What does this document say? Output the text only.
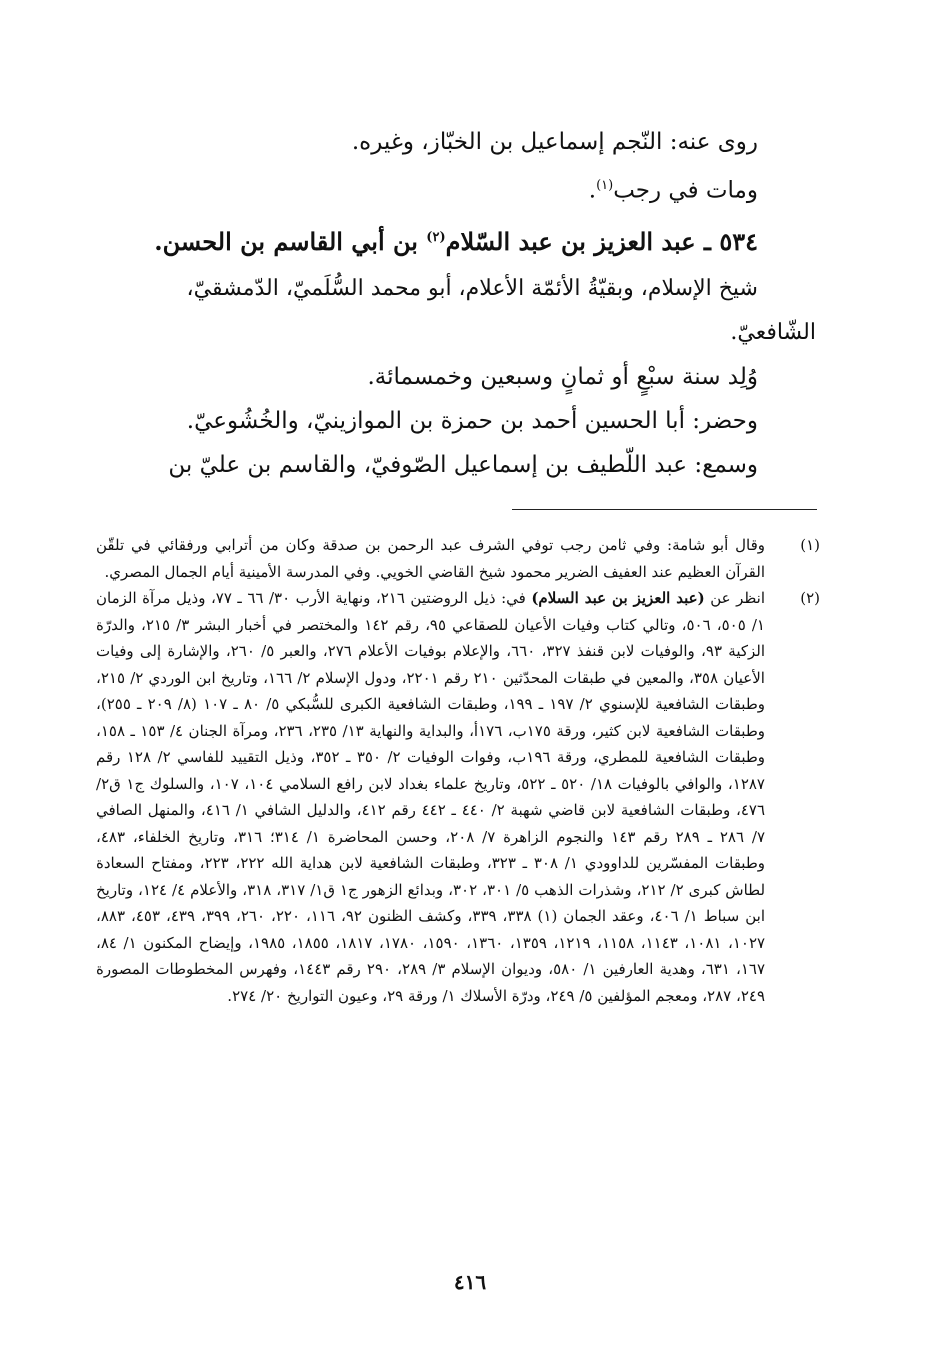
روى عنه: النّجم إسماعيل بن الخبّاز، وغيره.
ومات في رجب$^{(١)}$.
٥٣٤ ـ عبد العزيز بن عبد السّلام$^{(٢)}$ بن أبي القاسم بن الحسن.
شيخ الإسلام، وبقيّةُ الأئمّة الأعلام، أبو محمد السُّلَميّ، الدّمشقيّ،
الشّافعيّ.
وُلِد سنة سبْعٍ أو ثمانٍ وسبعين وخمسمائة.
وحضر: أبا الحسين أحمد بن حمزة بن الموازينيّ، والخُشُوعيّ.
وسمع: عبد اللّطيف بن إسماعيل الصّوفيّ، والقاسم بن عليّ بن
(١)
وقال أبو شامة: وفي ثامن رجب توفي الشرف عبد الرحمن بن صدقة وكان من أترابي ورفقائي في تلقّن القرآن العظيم عند العفيف الضرير محمود شيخ القاضي الخويي. وفي المدرسة الأمينية أيام الجمال المصري.
(٢)
انظر عن (عبد العزيز بن عبد السلام) في: ذيل الروضتين ٢١٦، ونهاية الأرب ٣٠/ ٦٦ ـ ٧٧، وذيل مرآة الزمان ١/ ٥٠٥، ٥٠٦، وتالي كتاب وفيات الأعيان للصقاعي ٩٥، رقم ١٤٢ والمختصر في أخبار البشر ٣/ ٢١٥، والدرّة الزكية ٩٣، والوفيات لابن قنفذ ٣٢٧، ٦٦٠، والإعلام بوفيات الأعلام ٢٧٦، والعبر ٥/ ٢٦٠، والإشارة إلى وفيات الأعيان ٣٥٨، والمعين في طبقات المحدّثين ٢١٠ رقم ٢٢٠١، ودول الإسلام ٢/ ١٦٦، وتاريخ ابن الوردي ٢/ ٢١٥، وطبقات الشافعية للإسنوي ٢/ ١٩٧ ـ ١٩٩، وطبقات الشافعية الكبرى للسُّبكي ٥/ ٨٠ ـ ١٠٧ (٨/ ٢٠٩ ـ ٢٥٥)، وطبقات الشافعية لابن كثير، ورقة ١٧٥ب، ١٧٦أ، والبداية والنهاية ١٣/ ٢٣٥، ٢٣٦، ومرآة الجنان ٤/ ١٥٣ ـ ١٥٨، وطبقات الشافعية للمطري، ورقة ١٩٦ب، وفوات الوفيات ٢/ ٣٥٠ ـ ٣٥٢، وذيل التقييد للفاسي ٢/ ١٢٨ رقم ١٢٨٧، والوافي بالوفيات ١٨/ ٥٢٠ ـ ٥٢٢، وتاريخ علماء بغداد لابن رافع السلامي ١٠٤، ١٠٧، والسلوك ج١ ق٢/ ٤٧٦، وطبقات الشافعية لابن قاضي شهبة ٢/ ٤٤٠ ـ ٤٤٢ رقم ٤١٢، والدليل الشافي ١/ ٤١٦، والمنهل الصافي ٧/ ٢٨٦ ـ ٢٨٩ رقم ١٤٣ والنجوم الزاهرة ٧/ ٢٠٨، وحسن المحاضرة ١/ ٣١٤؛ ٣١٦، وتاريخ الخلفاء، ٤٨٣، وطبقات المفسّرين للداوودي ١/ ٣٠٨ ـ ٣٢٣، وطبقات الشافعية لابن هداية الله ٢٢٢، ٢٢٣، ومفتاح السعادة لطاش كبرى ٢/ ٢١٢، وشذرات الذهب ٥/ ٣٠١، ٣٠٢، وبدائع الزهور ج١ ق١/ ٣١٧، ٣١٨، والأعلام ٤/ ١٢٤، وتاريخ ابن سباط ١/ ٤٠٦، وعقد الجمان (١) ٣٣٨، ٣٣٩، وكشف الظنون ٩٢، ١١٦، ٢٢٠، ٢٦٠، ٣٩٩، ٤٣٩، ٤٥٣، ٨٨٣، ١٠٢٧، ١٠٨١، ١١٤٣، ١١٥٨، ١٢١٩، ١٣٥٩، ١٣٦٠، ١٥٩٠، ١٧٨٠، ١٨١٧، ١٨٥٥، ١٩٨٥، وإيضاح المكنون ١/ ٨٤، ١٦٧، ٦٣١، وهدية العارفين ١/ ٥٨٠، وديوان الإسلام ٣/ ٢٨٩، ٢٩٠ رقم ١٤٤٣، وفهرس المخطوطات المصورة ٢٤٩، ٢٨٧، ومعجم المؤلفين ٥/ ٢٤٩، ودرّة الأسلاك ١/ ورقة ٢٩، وعيون التواريخ ٢٠/ ٢٧٤.
٤١٦
